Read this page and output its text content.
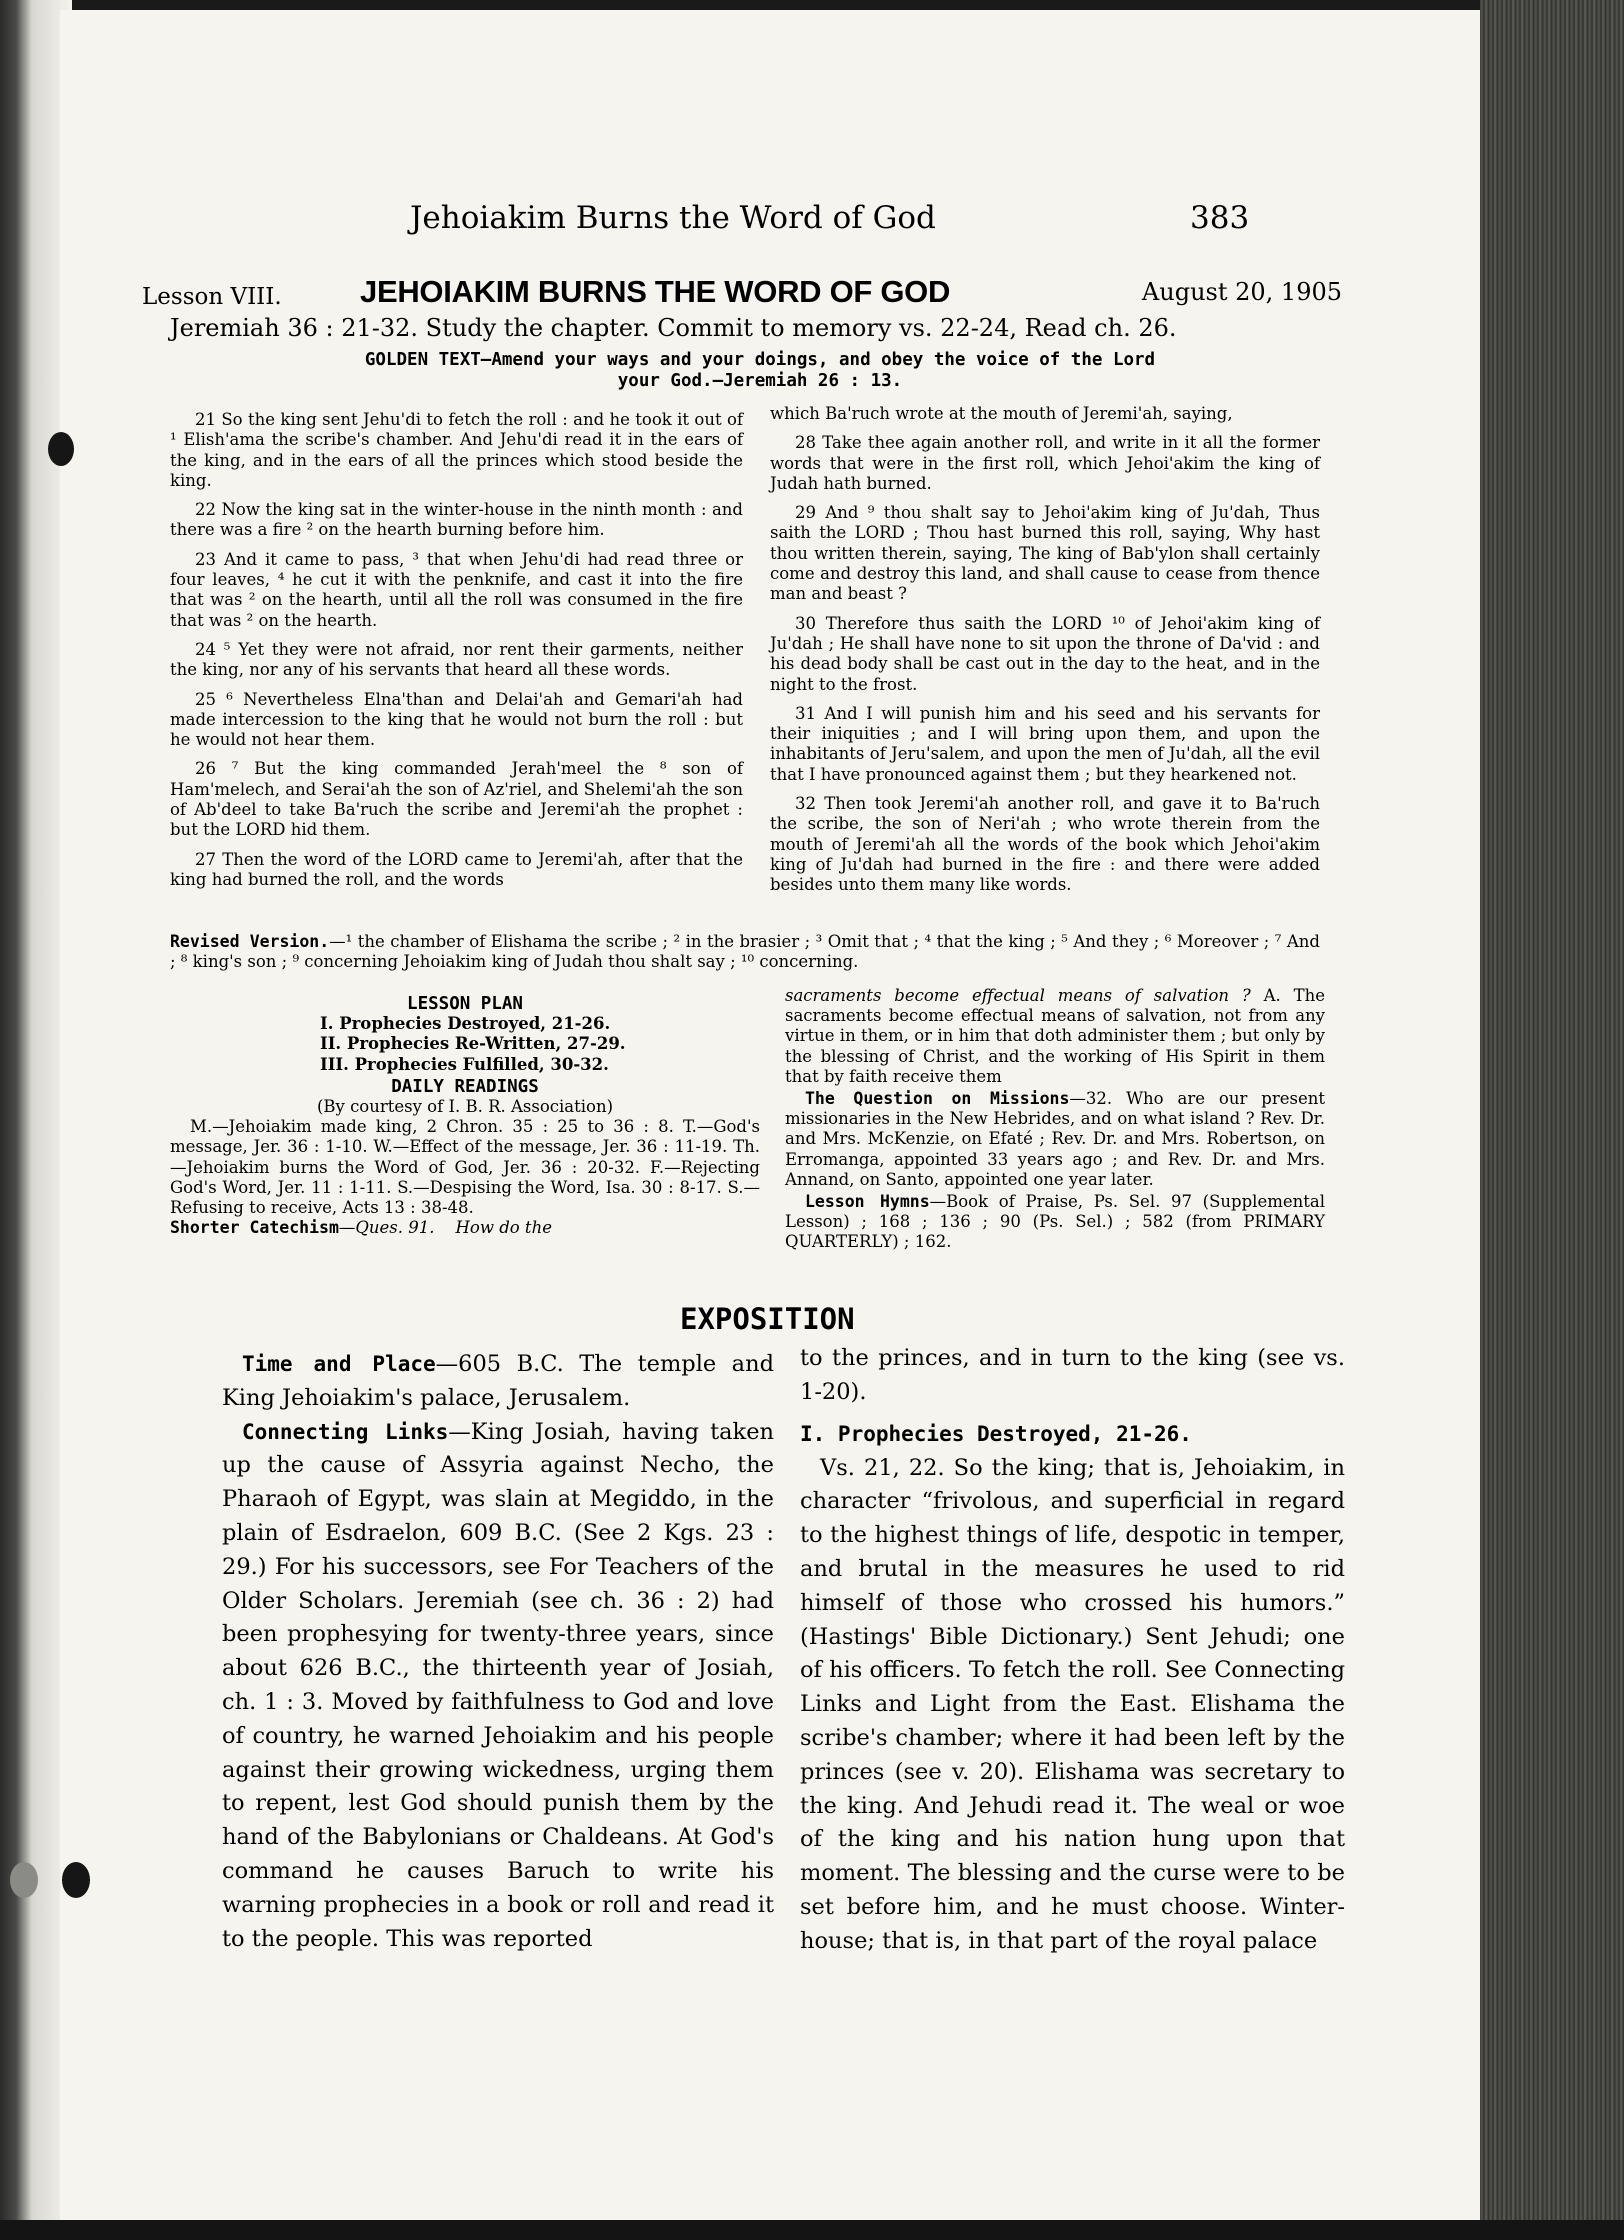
Jehoiakim Burns the Word of God	383
Lesson VIII.	JEHOIAKIM BURNS THE WORD OF GOD	August 20, 1905
Jeremiah 36 : 21-32. Study the chapter. Commit to memory vs. 22-24, Read ch. 26.
GOLDEN TEXT—Amend your ways and your doings, and obey the voice of the Lord
your God.—Jeremiah 26 : 13.

21 So the king sent Jehu'di to fetch the roll : and he took it out of ¹ Elish'ama the scribe's chamber. And Jehu'di read it in the ears of the king, and in the ears of all the princes which stood beside the king.

22 Now the king sat in the winter-house in the ninth month : and there was a fire ² on the hearth burning before him.

23 And it came to pass, ³ that when Jehu'di had read three or four leaves, ⁴ he cut it with the penknife, and cast it into the fire that was ² on the hearth, until all the roll was consumed in the fire that was ² on the hearth.

24 ⁵ Yet they were not afraid, nor rent their garments, neither the king, nor any of his servants that heard all these words.

25 ⁶ Nevertheless Elna'than and Delai'ah and Gemari'ah had made intercession to the king that he would not burn the roll : but he would not hear them.

26 ⁷ But the king commanded Jerah'meel the ⁸ son of Ham'melech, and Serai'ah the son of Az'riel, and Shelemi'ah the son of Ab'deel to take Ba'ruch the scribe and Jeremi'ah the prophet : but the LORD hid them.

27 Then the word of the LORD came to Jeremi'ah, after that the king had burned the roll, and the words

which Ba'ruch wrote at the mouth of Jeremi'ah, saying,

28 Take thee again another roll, and write in it all the former words that were in the first roll, which Jehoi'akim the king of Judah hath burned.

29 And ⁹ thou shalt say to Jehoi'akim king of Ju'dah, Thus saith the LORD ; Thou hast burned this roll, saying, Why hast thou written therein, saying, The king of Bab'ylon shall certainly come and destroy this land, and shall cause to cease from thence man and beast ?

30 Therefore thus saith the LORD ¹⁰ of Jehoi'akim king of Ju'dah ; He shall have none to sit upon the throne of Da'vid : and his dead body shall be cast out in the day to the heat, and in the night to the frost.

31 And I will punish him and his seed and his servants for their iniquities ; and I will bring upon them, and upon the inhabitants of Jeru'salem, and upon the men of Ju'dah, all the evil that I have pronounced against them ; but they hearkened not.

32 Then took Jeremi'ah another roll, and gave it to Ba'ruch the scribe, the son of Neri'ah ; who wrote therein from the mouth of Jeremi'ah all the words of the book which Jehoi'akim king of Ju'dah had burned in the fire : and there were added besides unto them many like words.

Revised Version.—¹ the chamber of Elishama the scribe ; ² in the brasier ; ³ Omit that ; ⁴ that the king ; ⁵ And they ; ⁶ Moreover ; ⁷ And ; ⁸ king's son ; ⁹ concerning Jehoiakim king of Judah thou shalt say ; ¹⁰ concerning.
LESSON PLAN
I. Prophecies Destroyed, 21-26.
II. Prophecies Re-Written, 27-29.
III. Prophecies Fulfilled, 30-32.
DAILY READINGS
(By courtesy of I. B. R. Association)

M.—Jehoiakim made king, 2 Chron. 35 : 25 to 36 : 8. T.—God's message, Jer. 36 : 1-10. W.—Effect of the message, Jer. 36 : 11-19. Th.—Jehoiakim burns the Word of God, Jer. 36 : 20-32. F.—Rejecting God's Word, Jer. 11 : 1-11. S.—Despising the Word, Isa. 30 : 8-17. S.—Refusing to receive, Acts 13 : 38-48.

Shorter Catechism—Ques. 91. How do the

sacraments become effectual means of salvation ? A. The sacraments become effectual means of salvation, not from any virtue in them, or in him that doth administer them ; but only by the blessing of Christ, and the working of His Spirit in them that by faith receive them

The Question on Missions—32. Who are our present missionaries in the New Hebrides, and on what island ? Rev. Dr. and Mrs. McKenzie, on Efaté ; Rev. Dr. and Mrs. Robertson, on Erromanga, appointed 33 years ago ; and Rev. Dr. and Mrs. Annand, on Santo, appointed one year later.

Lesson Hymns—Book of Praise, Ps. Sel. 97 (Supplemental Lesson) ; 168 ; 136 ; 90 (Ps. Sel.) ; 582 (from PRIMARY QUARTERLY) ; 162.

EXPOSITION

Time and Place—605 B.C. The temple and King Jehoiakim's palace, Jerusalem.

Connecting Links—King Josiah, having taken up the cause of Assyria against Necho, the Pharaoh of Egypt, was slain at Megiddo, in the plain of Esdraelon, 609 B.C. (See 2 Kgs. 23 : 29.) For his successors, see For Teachers of the Older Scholars. Jeremiah (see ch. 36 : 2) had been prophesying for twenty-three years, since about 626 B.C., the thirteenth year of Josiah, ch. 1 : 3. Moved by faithfulness to God and love of country, he warned Jehoiakim and his people against their growing wickedness, urging them to repent, lest God should punish them by the hand of the Babylonians or Chaldeans. At God's command he causes Baruch to write his warning prophecies in a book or roll and read it to the people. This was reported

to the princes, and in turn to the king (see vs. 1-20).

I. Prophecies Destroyed, 21-26.

Vs. 21, 22. So the king; that is, Jehoiakim, in character “frivolous, and superficial in regard to the highest things of life, despotic in temper, and brutal in the measures he used to rid himself of those who crossed his humors.” (Hastings' Bible Dictionary.) Sent Jehudi; one of his officers. To fetch the roll. See Connecting Links and Light from the East. Elishama the scribe's chamber; where it had been left by the princes (see v. 20). Elishama was secretary to the king. And Jehudi read it. The weal or woe of the king and his nation hung upon that moment. The blessing and the curse were to be set before him, and he must choose. Winter-house; that is, in that part of the royal palace
